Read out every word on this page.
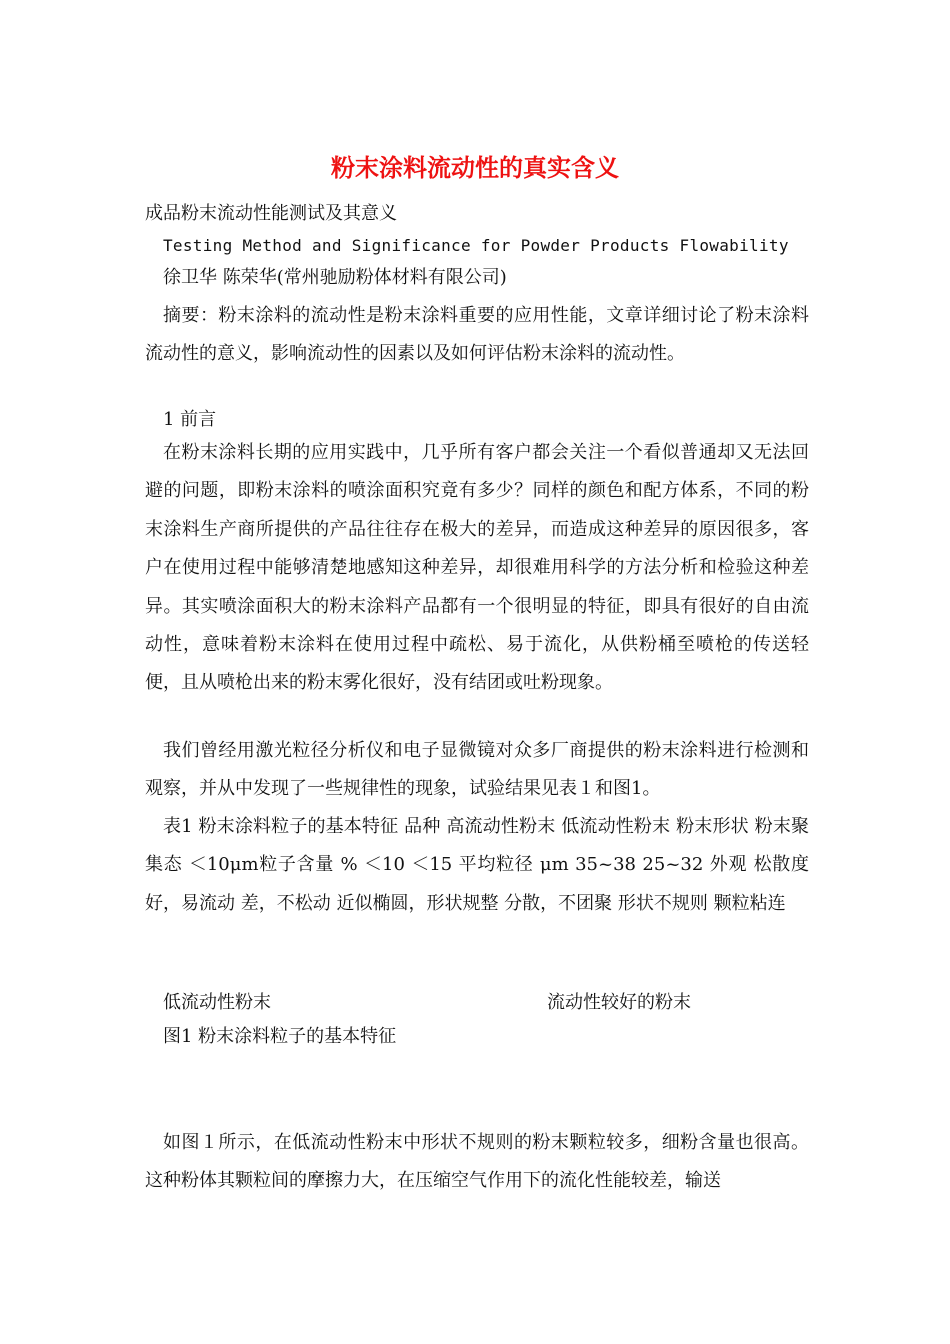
粉末涂料流动性的真实含义
成品粉末流动性能测试及其意义
Testing Method and Significance for Powder Products Flowability
徐卫华 陈荣华(常州驰励粉体材料有限公司)
摘要：粉末涂料的流动性是粉末涂料重要的应用性能，文章详细讨论了粉末涂料流动性的意义，影响流动性的因素以及如何评估粉末涂料的流动性。
1 前言
在粉末涂料长期的应用实践中，几乎所有客户都会关注一个看似普通却又无法回避的问题，即粉末涂料的喷涂面积究竟有多少？同样的颜色和配方体系，不同的粉末涂料生产商所提供的产品往往存在极大的差异，而造成这种差异的原因很多，客户在使用过程中能够清楚地感知这种差异，却很难用科学的方法分析和检验这种差异。其实喷涂面积大的粉末涂料产品都有一个很明显的特征，即具有很好的自由流动性，意味着粉末涂料在使用过程中疏松、易于流化，从供粉桶至喷枪的传送轻便，且从喷枪出来的粉末雾化很好，没有结团或吐粉现象。
我们曾经用激光粒径分析仪和电子显微镜对众多厂商提供的粉末涂料进行检测和观察，并从中发现了一些规律性的现象，试验结果见表１和图1。
表1 粉末涂料粒子的基本特征 品种 高流动性粉末 低流动性粉末 粉末形状 粉末聚集态 ＜10μm粒子含量 % ＜10 ＜15 平均粒径 μm 35~38 25~32 外观 松散度 好，易流动 差，不松动 近似椭圆，形状规整 分散，不团聚 形状不规则 颗粒粘连
低流动性粉末	流动性较好的粉末
图1 粉末涂料粒子的基本特征
如图１所示，在低流动性粉末中形状不规则的粉末颗粒较多，细粉含量也很高。这种粉体其颗粒间的摩擦力大，在压缩空气作用下的流化性能较差，输送
